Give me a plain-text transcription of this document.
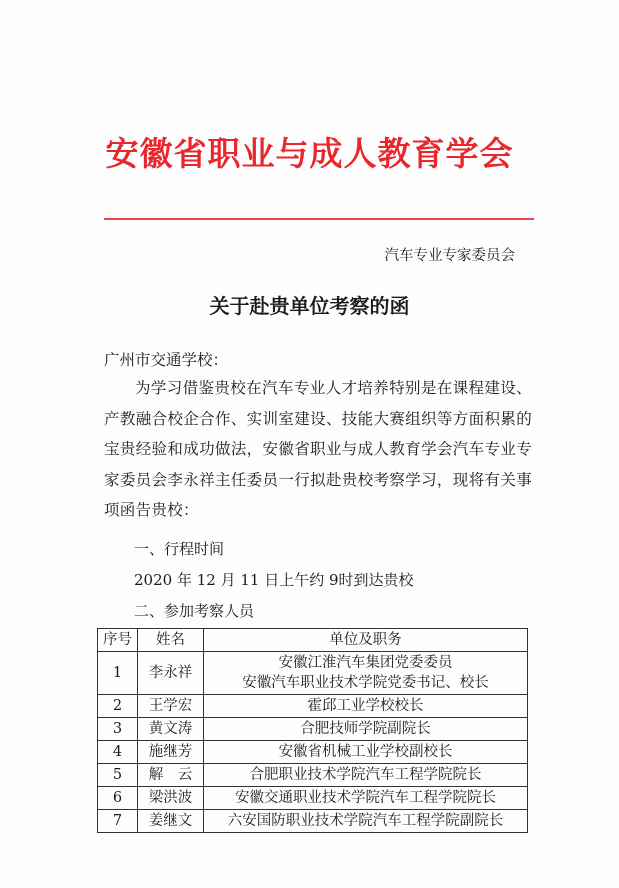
安徽省职业与成人教育学会
汽车专业专家委员会
关于赴贵单位考察的函
广州市交通学校：
为学习借鉴贵校在汽车专业人才培养特别是在课程建设、产教融合校企合作、实训室建设、技能大赛组织等方面积累的宝贵经验和成功做法，安徽省职业与成人教育学会汽车专业专家委员会李永祥主任委员一行拟赴贵校考察学习，现将有关事项函告贵校：
一、行程时间
2020 年 12 月 11 日上午约 9时到达贵校
二、参加考察人员
序号	姓名	单位及职务
1	李永祥	安徽江淮汽车集团党委委员
安徽汽车职业技术学院党委书记、校长

2	王学宏	霍邱工业学校校长
3	黄文涛	合肥技师学院副院长
4	施继芳	安徽省机械工业学校副校长
5	解　云	合肥职业技术学院汽车工程学院院长
6	梁洪波	安徽交通职业技术学院汽车工程学院院长
7	姜继文	六安国防职业技术学院汽车工程学院副院长
